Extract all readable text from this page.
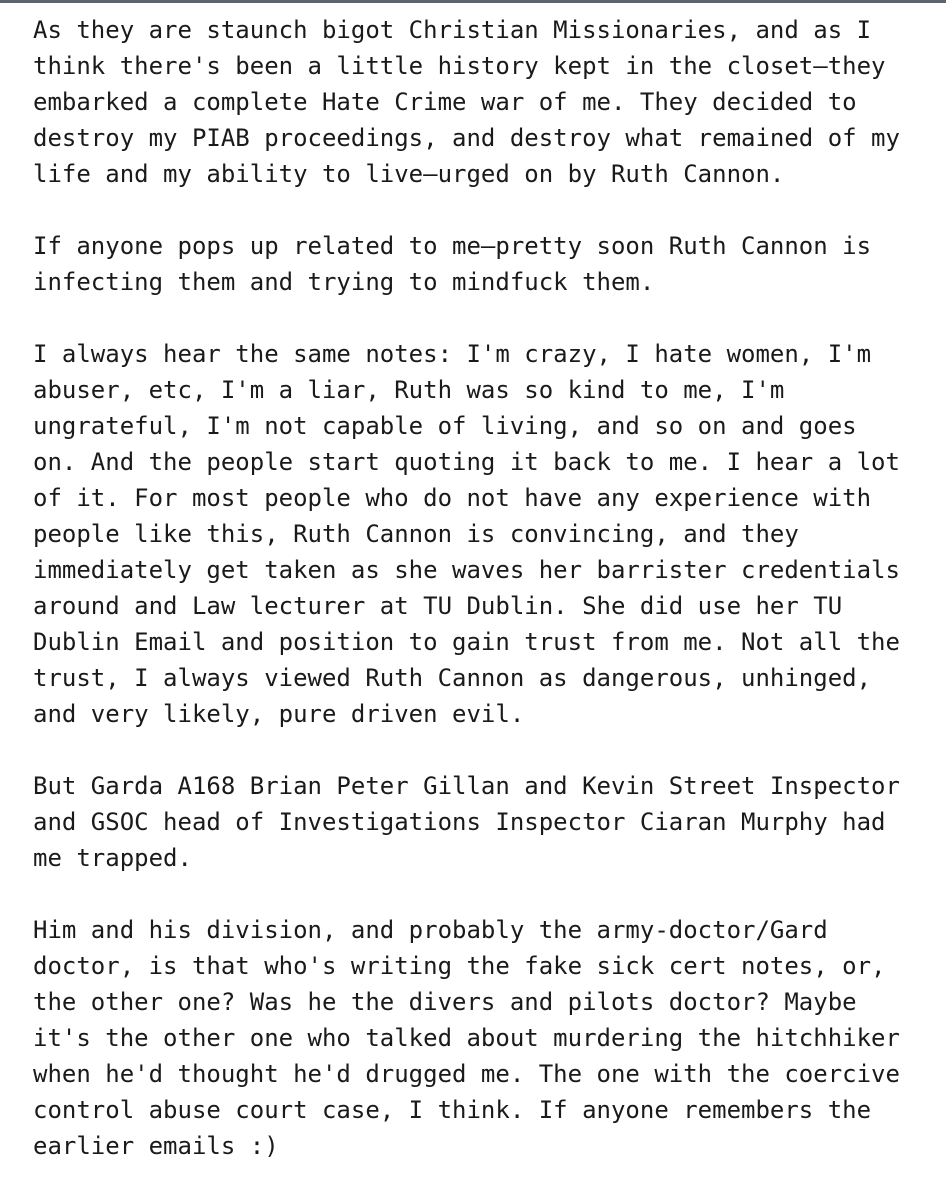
As they are staunch bigot Christian Missionaries, and as I
think there's been a little history kept in the closet—they
embarked a complete Hate Crime war of me. They decided to
destroy my PIAB proceedings, and destroy what remained of my
life and my ability to live—urged on by Ruth Cannon.
If anyone pops up related to me—pretty soon Ruth Cannon is
infecting them and trying to mindfuck them.
I always hear the same notes: I'm crazy, I hate women, I'm
abuser, etc, I'm a liar, Ruth was so kind to me, I'm
ungrateful, I'm not capable of living, and so on and goes
on. And the people start quoting it back to me. I hear a lot
of it. For most people who do not have any experience with
people like this, Ruth Cannon is convincing, and they
immediately get taken as she waves her barrister credentials
around and Law lecturer at TU Dublin. She did use her TU
Dublin Email and position to gain trust from me. Not all the
trust, I always viewed Ruth Cannon as dangerous, unhinged,
and very likely, pure driven evil.
But Garda A168 Brian Peter Gillan and Kevin Street Inspector
and GSOC head of Investigations Inspector Ciaran Murphy had
me trapped.
Him and his division, and probably the army-doctor/Gard
doctor, is that who's writing the fake sick cert notes, or,
the other one? Was he the divers and pilots doctor? Maybe
it's the other one who talked about murdering the hitchhiker
when he'd thought he'd drugged me. The one with the coercive
control abuse court case, I think. If anyone remembers the
earlier emails :)
